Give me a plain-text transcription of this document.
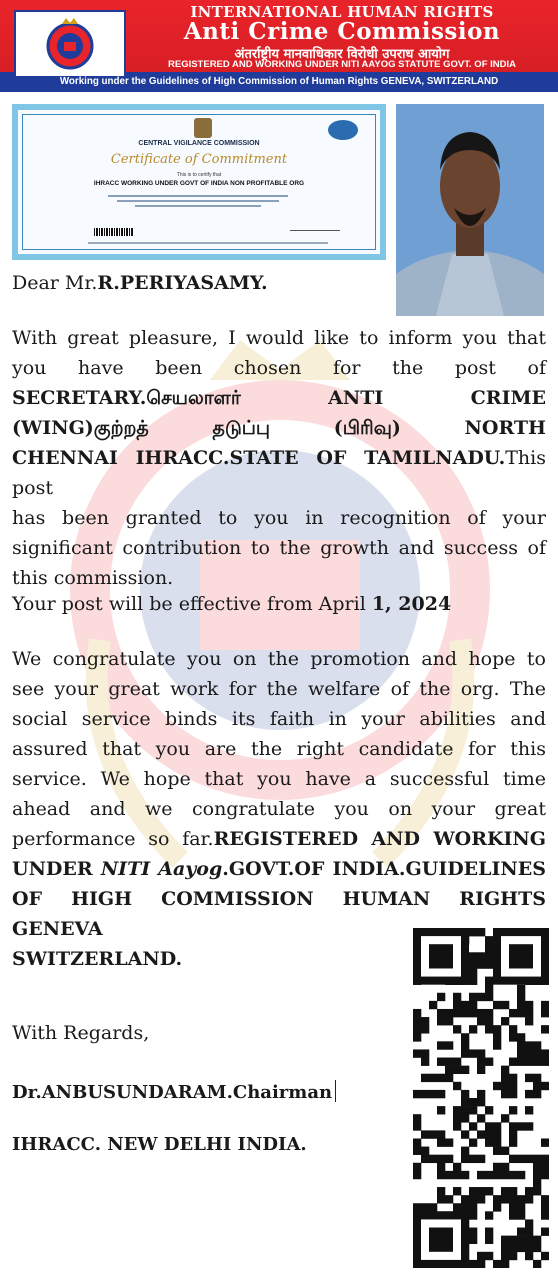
INTERNATIONAL HUMAN RIGHTS
Anti Crime Commission
अंतर्राष्ट्रीय मानवाधिकार विरोधी उपराध आयोग
REGISTERED AND WORKING UNDER NITI AAYOG STATUTE GOVT. OF INDIA
Working under the Guidelines of High Commission of Human Rights GENEVA, SWITZERLAND
CENTRAL VIGILANCE COMMISSION
Certificate of Commitment
This is to certify that
IHRACC WORKING UNDER GOVT OF INDIA NON PROFITABLE ORG
Dear Mr.R.PERIYASAMY.
With great pleasure, I would like to inform you that
you have been chosen for the post of
SECRETARY.செயலாளர் ANTI CRIME
(WING)குற்றத் தடுப்பு (பிரிவு) NORTH
CHENNAI IHRACC.STATE OF TAMILNADU.This post
has been granted to you in recognition of your
significant contribution to the growth and success of
this commission.
Your post will be effective from April 1, 2024
We congratulate you on the promotion and hope to
see your great work for the welfare of the org. The
social service binds its faith in your abilities and
assured that you are the right candidate for this
service. We hope that you have a successful time
ahead and we congratulate you on your great
performance so far.REGISTERED AND WORKING
UNDER NITI Aayog.GOVT.OF INDIA.GUIDELINES
OF HIGH COMMISSION HUMAN RIGHTS GENEVA
SWITZERLAND.
With Regards,
Dr.ANBUSUNDARAM.Chairman
IHRACC. NEW DELHI INDIA.
